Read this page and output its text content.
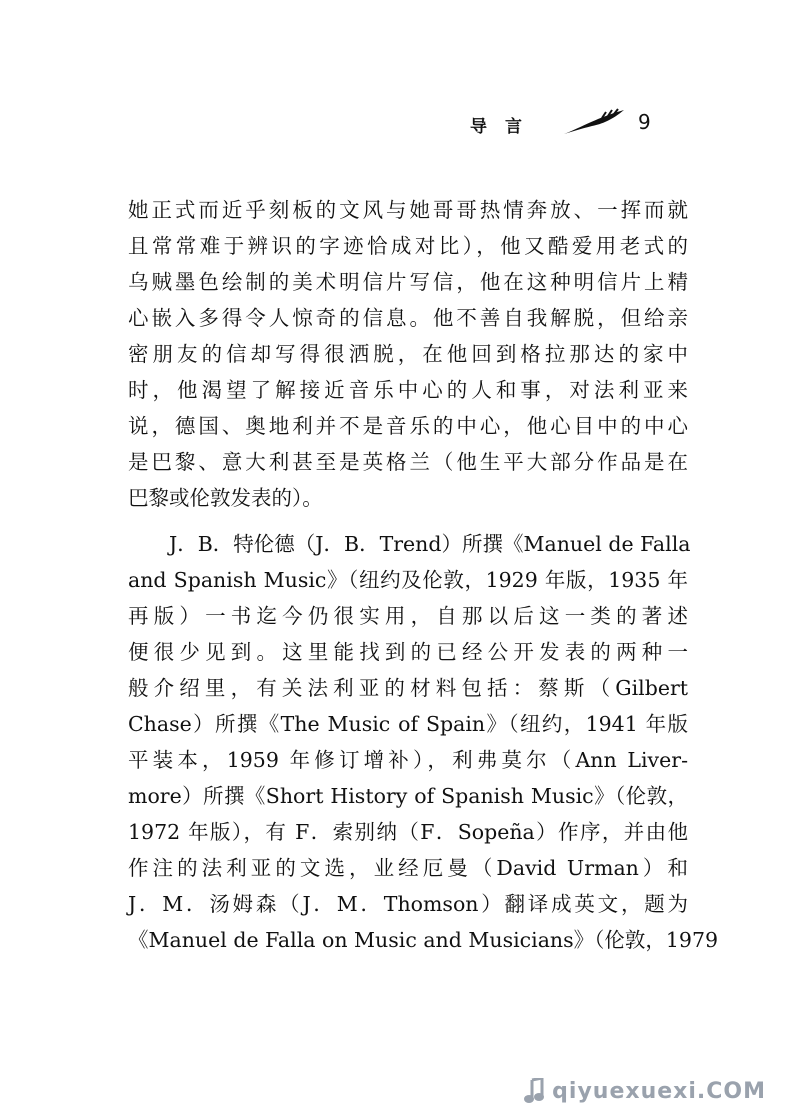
导言	9
她正式而近乎刻板的文风与她哥哥热情奔放、一挥而就
且常常难于辨识的字迹恰成对比），他又酷爱用老式的
乌贼墨色绘制的美术明信片写信，他在这种明信片上精
心嵌入多得令人惊奇的信息。他不善自我解脱，但给亲
密朋友的信却写得很洒脱，在他回到格拉那达的家中
时，他渴望了解接近音乐中心的人和事，对法利亚来
说，德国、奥地利并不是音乐的中心，他心目中的中心
是巴黎、意大利甚至是英格兰（他生平大部分作品是在
巴黎或伦敦发表的）。
　　J．B．特伦德（J．B．Trend）所撰《Manuel de Falla
and Spanish Music》（纽约及伦敦，1929 年版，1935 年
再版）一书迄今仍很实用，自那以后这一类的著述
便很少见到。这里能找到的已经公开发表的两种一
般介绍里，有关法利亚的材料包括：蔡斯（Gilbert
Chase）所撰《The Music of Spain》（纽约，1941 年版
平装本，1959 年修订增补），利弗莫尔（Ann Liver-
more）所撰《Short History of Spanish Music》（伦敦，
1972 年版），有 F．索别纳（F．Sopeña）作序，并由他
作注的法利亚的文选，业经厄曼（David Urman）和
J．M．汤姆森（J．M．Thomson）翻译成英文，题为
《Manuel de Falla on Music and Musicians》（伦敦，1979
qiyuexuexi.COM
